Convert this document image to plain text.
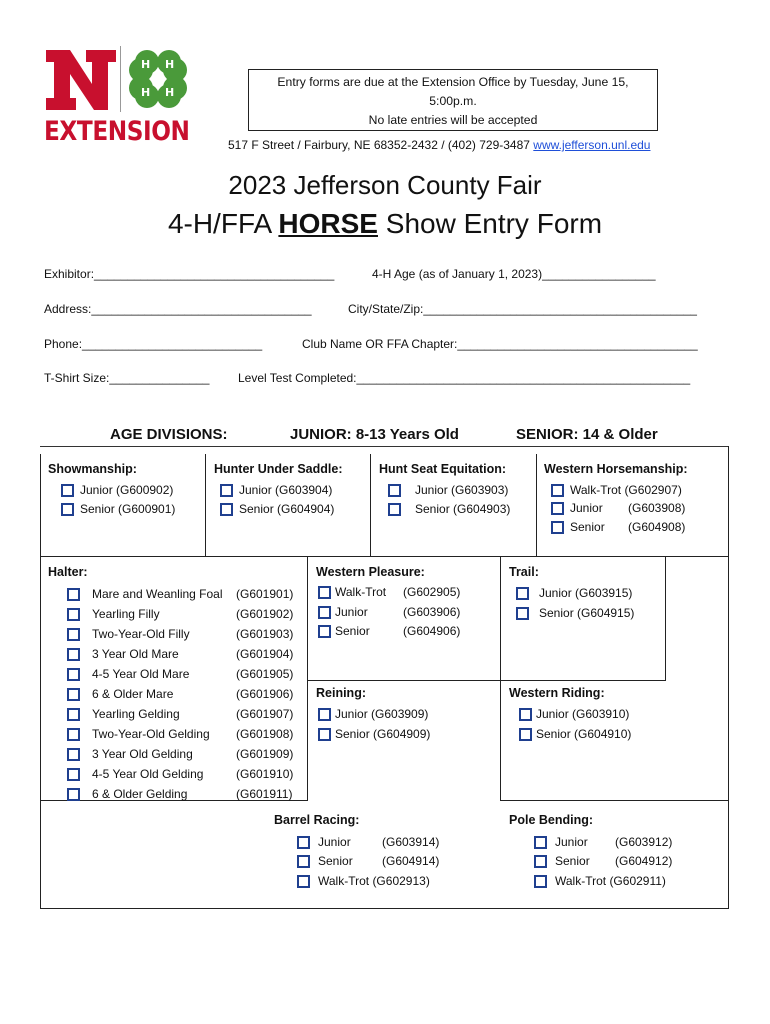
H H
H H
EXTENSION
Entry forms are due at the Extension Office by Tuesday, June 15,
5:00p.m.
No late entries will be accepted
517 F Street / Fairbury, NE 68352-2432 / (402) 729-3487 www.jefferson.unl.edu
2023 Jefferson County Fair
4-H/FFA HORSE Show Entry Form
Exhibitor:____________________________________	4-H Age (as of January 1, 2023)_________________
Address:_________________________________	City/State/Zip:_________________________________________
Phone:___________________________	Club Name OR FFA Chapter:____________________________________
T-Shirt Size:_______________ Level Test Completed:__________________________________________________
AGE DIVISIONS:	JUNIOR: 8-13 Years Old	SENIOR: 14 & Older
Showmanship:
Junior (G600902)
Senior (G600901)
Hunter Under Saddle:
Junior (G603904)
Senior (G604904)
Hunt Seat Equitation:
Junior (G603903)
Senior (G604903)
Western Horsemanship:
Walk-Trot (G602907)
Junior	(G603908)
Senior	(G604908)
Halter:
Mare and Weanling Foal	(G601901)
Yearling Filly	(G601902)
Two-Year-Old Filly	(G601903)
3 Year Old Mare	(G601904)
4-5 Year Old Mare	(G601905)
6 & Older Mare	(G601906)
Yearling Gelding	(G601907)
Two-Year-Old Gelding	(G601908)
3 Year Old Gelding	(G601909)
4-5 Year Old Gelding	(G601910)
6 & Older Gelding	(G601911)
Western Pleasure:
Walk-Trot	(G602905)
Junior	(G603906)
Senior	(G604906)
Trail:
Junior (G603915)
Senior (G604915)
Reining:
Junior (G603909)
Senior (G604909)
Western Riding:
Junior (G603910)
Senior (G604910)
Barrel Racing:
Junior	(G603914)
Senior	(G604914)
Walk-Trot (G602913)
Pole Bending:
Junior	(G603912)
Senior	(G604912)
Walk-Trot (G602911)
